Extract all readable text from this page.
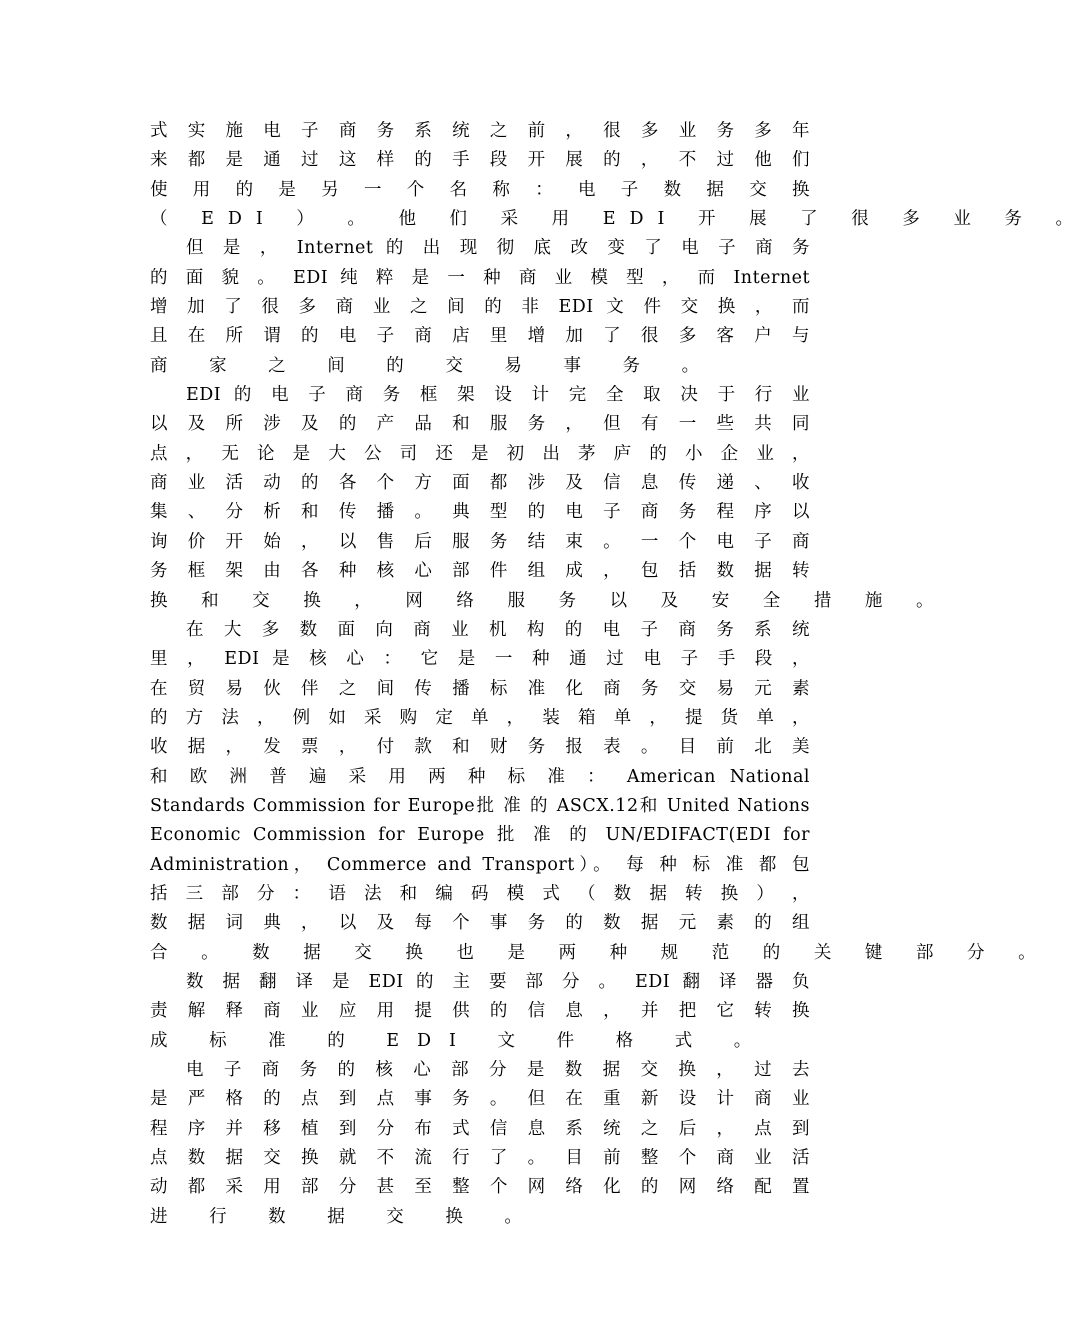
式 实 施 电 子 商 务 系 统 之 前 ， 很 多 业 务 多 年
来 都 是 通 过 这 样 的 手 段 开 展 的 ， 不 过 他 们
使 用 的 是 另 一 个 名 称 ： 电 子 数 据 交 换
（ EDI ） 。 他 们 采 用 EDI 开 展 了 很 多 业 务 。
但 是 ， Internet 的 出 现 彻 底 改 变 了 电 子 商 务
的 面 貌 。 EDI 纯 粹 是 一 种 商 业 模 型 ， 而 Internet
增 加 了 很 多 商 业 之 间 的 非 EDI 文 件 交 换 ， 而
且 在 所 谓 的 电 子 商 店 里 增 加 了 很 多 客 户 与
商 家 之 间 的 交 易 事 务 。
EDI 的 电 子 商 务 框 架 设 计 完 全 取 决 于 行 业
以 及 所 涉 及 的 产 品 和 服 务 ， 但 有 一 些 共 同
点 ， 无 论 是 大 公 司 还 是 初 出 茅 庐 的 小 企 业 ，
商 业 活 动 的 各 个 方 面 都 涉 及 信 息 传 递 、 收
集 、 分 析 和 传 播 。 典 型 的 电 子 商 务 程 序 以
询 价 开 始 ， 以 售 后 服 务 结 束 。 一 个 电 子 商
务 框 架 由 各 种 核 心 部 件 组 成 ， 包 括 数 据 转
换 和 交 换 ， 网 络 服 务 以 及 安 全 措 施 。
在 大 多 数 面 向 商 业 机 构 的 电 子 商 务 系 统
里 ， EDI 是 核 心 ： 它 是 一 种 通 过 电 子 手 段 ，
在 贸 易 伙 伴 之 间 传 播 标 准 化 商 务 交 易 元 素
的 方 法 ， 例 如 采 购 定 单 ， 装 箱 单 ， 提 货 单 ，
收 据 ， 发 票 ， 付 款 和 财 务 报 表 。 目 前 北 美
和 欧 洲 普 遍 采 用 两 种 标 准 ： American National
Standards Commission for Europe批 准 的 ASCX.12和 United Nations
Economic Commission for Europe 批 准 的 UN/EDIFACT(EDI for
Administration， Commerce and Transport）。 每 种 标 准 都 包
括 三 部 分 ： 语 法 和 编 码 模 式 （ 数 据 转 换 ） ，
数 据 词 典 ， 以 及 每 个 事 务 的 数 据 元 素 的 组
合 。 数 据 交 换 也 是 两 种 规 范 的 关 键 部 分 。
数 据 翻 译 是 EDI 的 主 要 部 分 。 EDI 翻 译 器 负
责 解 释 商 业 应 用 提 供 的 信 息 ， 并 把 它 转 换
成 标 准 的 EDI 文 件 格 式 。
电 子 商 务 的 核 心 部 分 是 数 据 交 换 ， 过 去
是 严 格 的 点 到 点 事 务 。 但 在 重 新 设 计 商 业
程 序 并 移 植 到 分 布 式 信 息 系 统 之 后 ， 点 到
点 数 据 交 换 就 不 流 行 了 。 目 前 整 个 商 业 活
动 都 采 用 部 分 甚 至 整 个 网 络 化 的 网 络 配 置
进 行 数 据 交 换 。
